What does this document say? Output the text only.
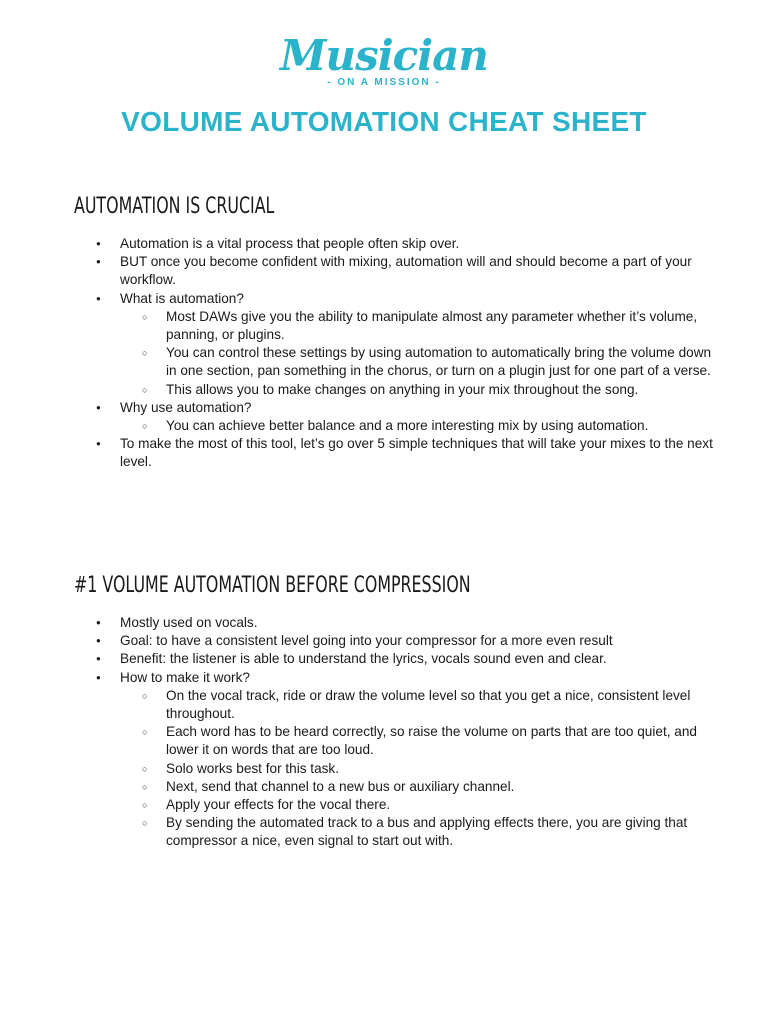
Musician
- ON A MISSION -
VOLUME AUTOMATION CHEAT SHEET
AUTOMATION IS CRUCIAL
● Automation is a vital process that people often skip over.
● BUT once you become confident with mixing, automation will and should become a part of your workflow.
● What is automation?
○ Most DAWs give you the ability to manipulate almost any parameter whether it’s volume, panning, or plugins.
○ You can control these settings by using automation to automatically bring the volume down in one section, pan something in the chorus, or turn on a plugin just for one part of a verse.
○ This allows you to make changes on anything in your mix throughout the song.
● Why use automation?
○ You can achieve better balance and a more interesting mix by using automation.
● To make the most of this tool, let’s go over 5 simple techniques that will take your mixes to the next level.
#1 VOLUME AUTOMATION BEFORE COMPRESSION
● Mostly used on vocals.
● Goal: to have a consistent level going into your compressor for a more even result
● Benefit: the listener is able to understand the lyrics, vocals sound even and clear.
● How to make it work?
○ On the vocal track, ride or draw the volume level so that you get a nice, consistent level throughout.
○ Each word has to be heard correctly, so raise the volume on parts that are too quiet, and lower it on words that are too loud.
○ Solo works best for this task.
○ Next, send that channel to a new bus or auxiliary channel.
○ Apply your effects for the vocal there.
○ By sending the automated track to a bus and applying effects there, you are giving that compressor a nice, even signal to start out with.
